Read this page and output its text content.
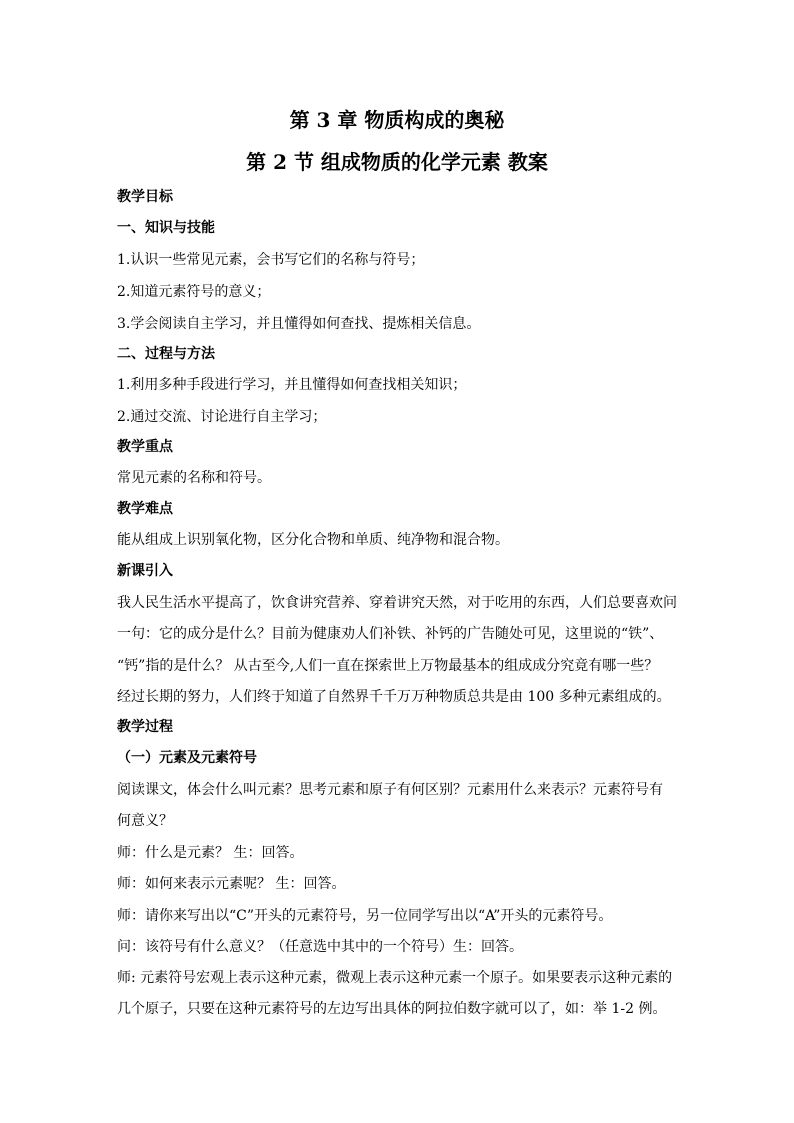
第 3 章 物质构成的奥秘
第 2 节 组成物质的化学元素 教案
教学目标
一、知识与技能
1.认识一些常见元素，会书写它们的名称与符号；
2.知道元素符号的意义；
3.学会阅读自主学习，并且懂得如何查找、提炼相关信息。
二、过程与方法
1.利用多种手段进行学习，并且懂得如何查找相关知识；
2.通过交流、讨论进行自主学习；
教学重点
常见元素的名称和符号。
教学难点
能从组成上识别氧化物，区分化合物和单质、纯净物和混合物。
新课引入
我人民生活水平提高了，饮食讲究营养、穿着讲究天然，对于吃用的东西，人们总要喜欢问
一句：它的成分是什么？目前为健康劝人们补铁、补钙的广告随处可见，这里说的“铁”、
“钙”指的是什么？ 从古至今,人们一直在探索世上万物最基本的组成成分究竟有哪一些？
经过长期的努力，人们终于知道了自然界千千万万种物质总共是由 100 多种元素组成的。
教学过程
（一）元素及元素符号
阅读课文，体会什么叫元素？思考元素和原子有何区别？元素用什么来表示？元素符号有
何意义？
师：什么是元素？ 生：回答。
师：如何来表示元素呢？ 生：回答。
师：请你来写出以“C”开头的元素符号，另一位同学写出以“A”开头的元素符号。
问：该符号有什么意义？（任意选中其中的一个符号）生：回答。
师: 元素符号宏观上表示这种元素，微观上表示这种元素一个原子。如果要表示这种元素的
几个原子，只要在这种元素符号的左边写出具体的阿拉伯数字就可以了，如：举 1-2 例。
